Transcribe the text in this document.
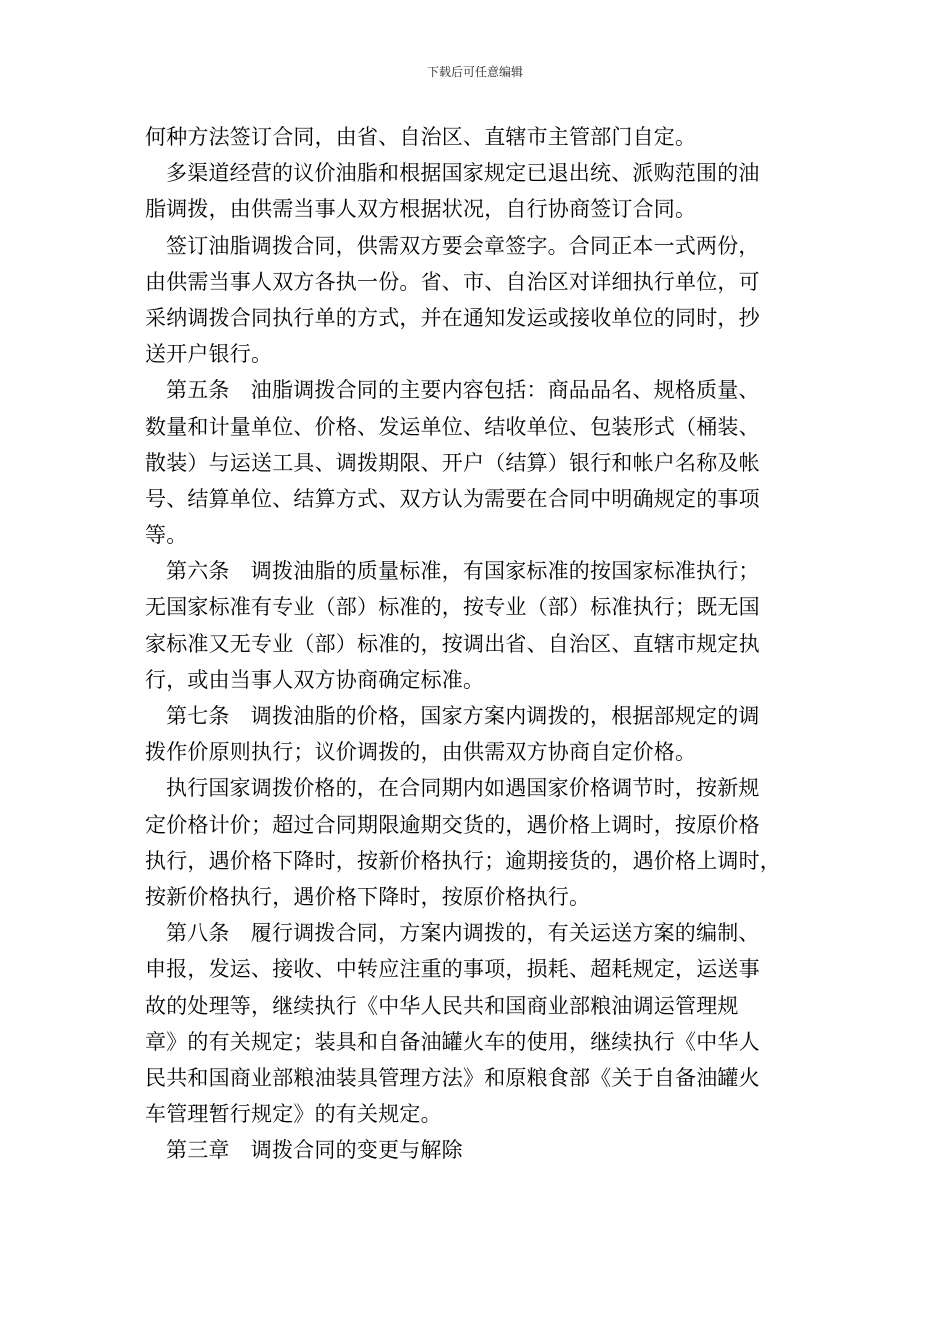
下载后可任意编辑
何种方法签订合同，由省、自治区、直辖市主管部门自定。
多渠道经营的议价油脂和根据国家规定已退出统、派购范围的油
脂调拨，由供需当事人双方根据状况，自行协商签订合同。
签订油脂调拨合同，供需双方要会章签字。合同正本一式两份，
由供需当事人双方各执一份。省、市、自治区对详细执行单位，可
采纳调拨合同执行单的方式，并在通知发运或接收单位的同时，抄
送开户银行。
第五条　油脂调拨合同的主要内容包括：商品品名、规格质量、
数量和计量单位、价格、发运单位、结收单位、包装形式（桶装、
散装）与运送工具、调拨期限、开户（结算）银行和帐户名称及帐
号、结算单位、结算方式、双方认为需要在合同中明确规定的事项
等。
第六条　调拨油脂的质量标准，有国家标准的按国家标准执行；
无国家标准有专业（部）标准的，按专业（部）标准执行；既无国
家标准又无专业（部）标准的，按调出省、自治区、直辖市规定执
行，或由当事人双方协商确定标准。
第七条　调拨油脂的价格，国家方案内调拨的，根据部规定的调
拨作价原则执行；议价调拨的，由供需双方协商自定价格。
执行国家调拨价格的，在合同期内如遇国家价格调节时，按新规
定价格计价；超过合同期限逾期交货的，遇价格上调时，按原价格
执行，遇价格下降时，按新价格执行；逾期接货的，遇价格上调时，
按新价格执行，遇价格下降时，按原价格执行。
第八条　履行调拨合同，方案内调拨的，有关运送方案的编制、
申报，发运、接收、中转应注重的事项，损耗、超耗规定，运送事
故的处理等，继续执行《中华人民共和国商业部粮油调运管理规
章》的有关规定；装具和自备油罐火车的使用，继续执行《中华人
民共和国商业部粮油装具管理方法》和原粮食部《关于自备油罐火
车管理暂行规定》的有关规定。
第三章　调拨合同的变更与解除
